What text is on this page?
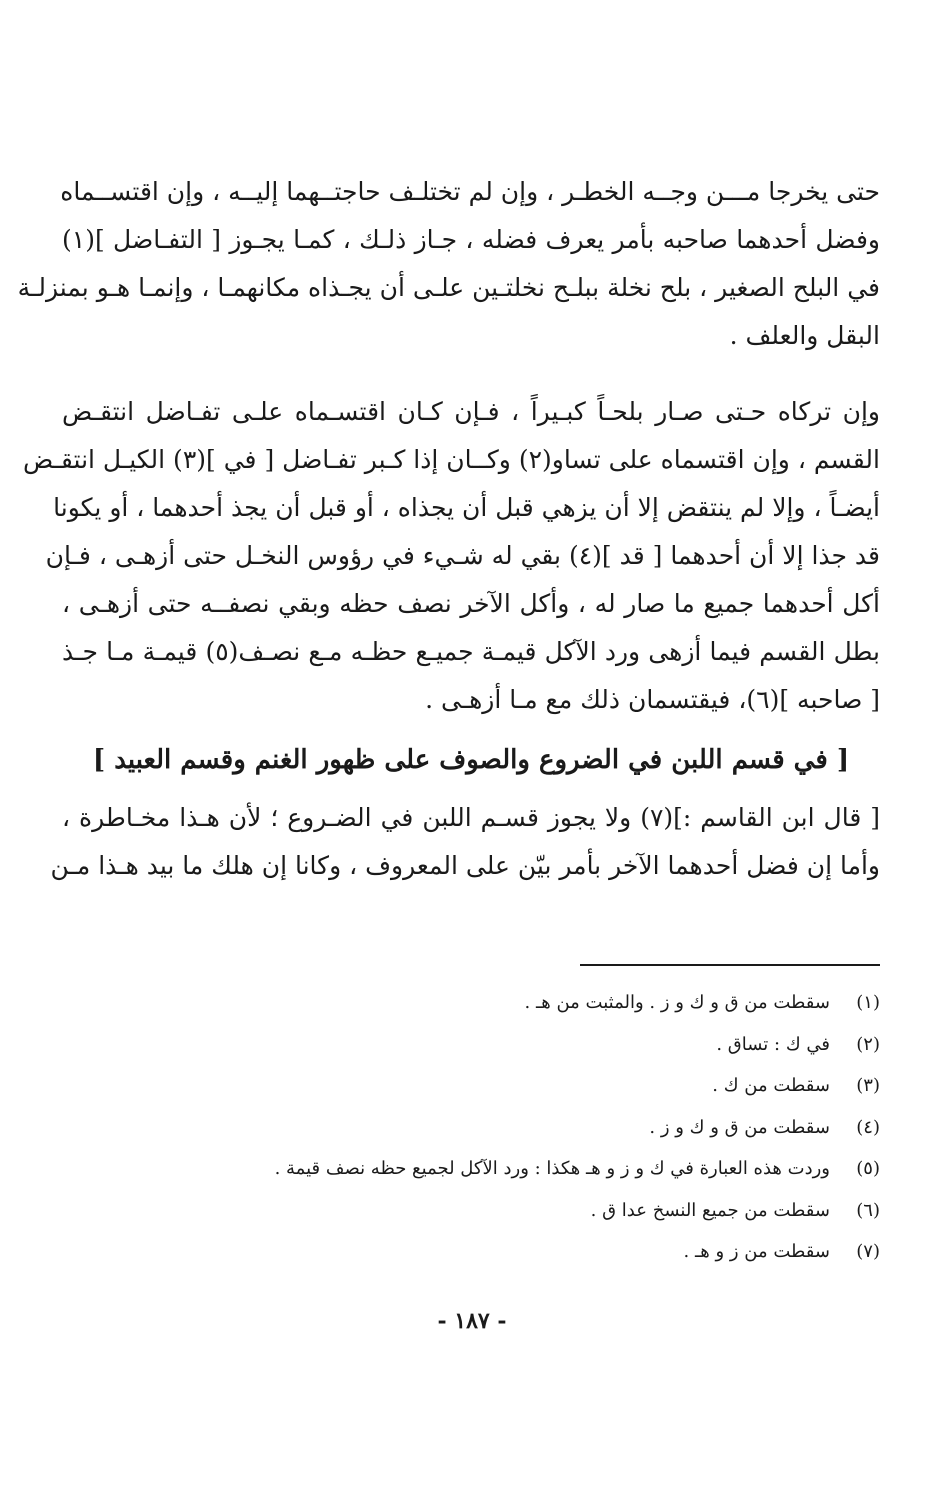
حتى يخرجا مـــن وجــه الخطـر ، وإن لم تختلـف حاجتــهما إليــه ، وإن اقتســماه
وفضل أحدهما صاحبه بأمر يعرف فضله ، جـاز ذلـك ، كمـا يجـوز [ التفـاضل ](١)
في البلح الصغير ، بلح نخلة ببلـح نخلتـين علـى أن يجـذاه مكانهمـا ، وإنمـا هـو بمنزلـة
البقل والعلف .
وإن تركاه حـتى صـار بلحـاً كبـيراً ، فـإن كـان اقتسـماه علـى تفـاضل انتقـض
القسم ، وإن اقتسماه على تساو(٢) وكــان إذا كـبر تفـاضل [ في ](٣) الكيـل انتقـض
أيضـاً ، وإلا لم ينتقض إلا أن يزهي قبل أن يجذاه ، أو قبل أن يجذ أحدهما ، أو يكونا
قد جذا إلا أن أحدهما [ قد ](٤) بقي له شـيء في رؤوس النخـل حتى أزهـى ، فـإن
أكل أحدهما جميع ما صار له ، وأكل الآخر نصف حظه وبقي نصفــه حتى أزهـى ،
بطل القسم فيما أزهى ورد الآكل قيمـة جميـع حظـه مـع نصـف(٥) قيمـة مـا جـذ
[ صاحبه ](٦)، فيقتسمان ذلك مع مـا أزهـى .
[ في قسم اللبن في الضروع والصوف على ظهور الغنم وقسم العبيد ]
[ قال ابن القاسم :](٧) ولا يجوز قسـم اللبن في الضـروع ؛ لأن هـذا مخـاطرة ،
وأما إن فضل أحدهما الآخر بأمر بيّن على المعروف ، وكانا إن هلك ما بيد هـذا مـن
(١)سقطت من ق و ك و ز . والمثبت من هـ .
(٢)في ك : تساق .
(٣)سقطت من ك .
(٤)سقطت من ق و ك و ز .
(٥)وردت هذه العبارة في ك و ز و هـ هكذا : ورد الآكل لجميع حظه نصف قيمة .
(٦)سقطت من جميع النسخ عدا ق .
(٧)سقطت من ز و هـ .
- ١٨٧ -
